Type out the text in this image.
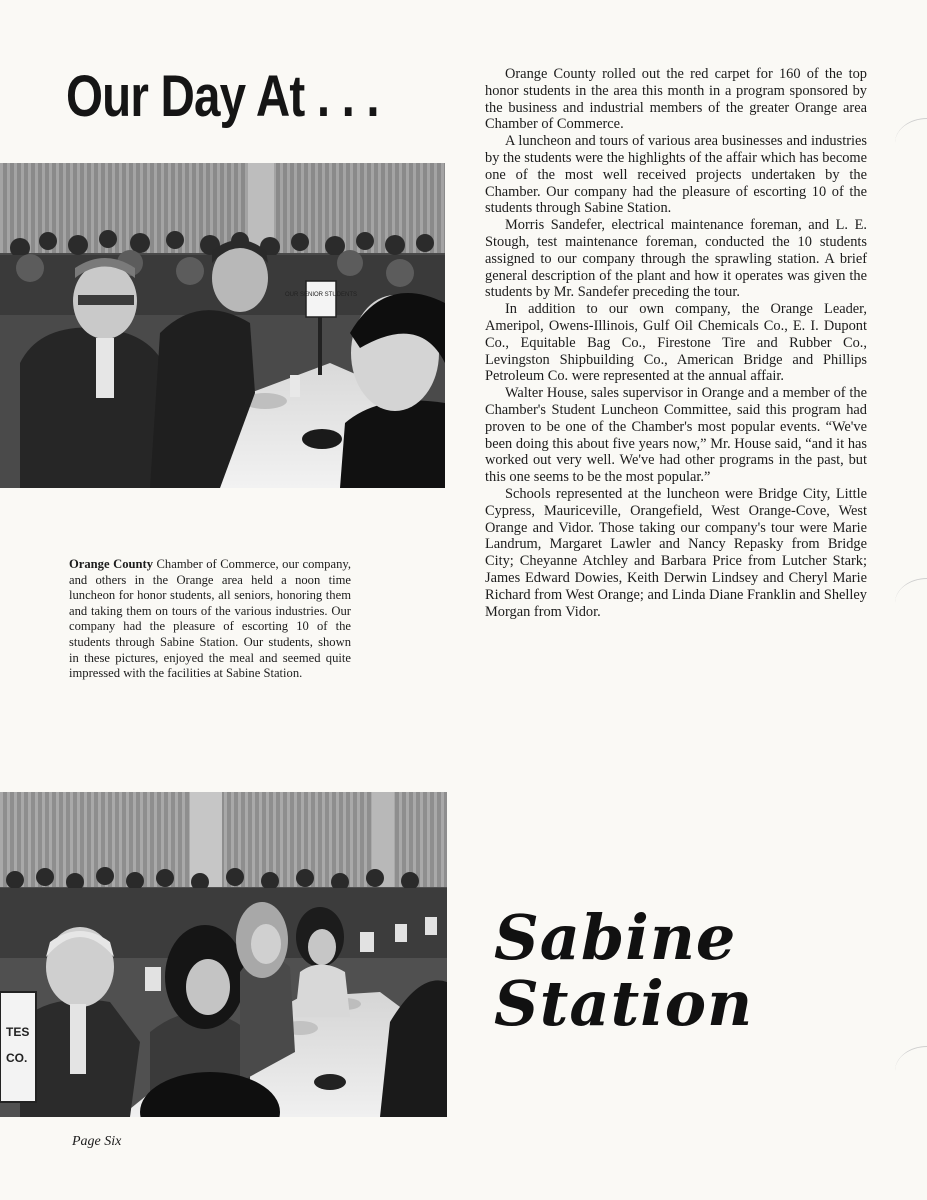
Our Day At . . .
OUR SENIOR STUDENTS
Orange County Chamber of Commerce, our company, and others in the Orange area held a noon time luncheon for honor students, all seniors, honoring them and taking them on tours of the various industries. Our company had the pleasure of escorting 10 of the students through Sabine Station. Our students, shown in these pictures, enjoyed the meal and seemed quite impressed with the facilities at Sabine Station.
TES
CO.

Orange County rolled out the red carpet for 160 of the top honor students in the area this month in a program sponsored by the business and industrial members of the greater Orange area Chamber of Commerce.

A luncheon and tours of various area businesses and industries by the students were the highlights of the affair which has become one of the most well received projects undertaken by the Chamber. Our company had the pleasure of escorting 10 of the students through Sabine Station.

Morris Sandefer, electrical maintenance foreman, and L. E. Stough, test maintenance foreman, conducted the 10 students assigned to our company through the sprawling station. A brief general description of the plant and how it operates was given the students by Mr. Sandefer preceding the tour.

In addition to our own company, the Orange Leader, Ameripol, Owens-Illinois, Gulf Oil Chemicals Co., E. I. Dupont Co., Equitable Bag Co., Firestone Tire and Rubber Co., Levingston Shipbuilding Co., American Bridge and Phillips Petroleum Co. were represented at the annual affair.

Walter House, sales supervisor in Orange and a member of the Chamber's Student Luncheon Committee, said this program had proven to be one of the Chamber's most popular events. “We've been doing this about five years now,” Mr. House said, “and it has worked out very well. We've had other programs in the past, but this one seems to be the most popular.”

Schools represented at the luncheon were Bridge City, Little Cypress, Mauriceville, Orangefield, West Orange-Cove, West Orange and Vidor. Those taking our company's tour were Marie Landrum, Margaret Lawler and Nancy Repasky from Bridge City; Cheyanne Atchley and Barbara Price from Lutcher Stark; James Edward Dowies, Keith Derwin Lindsey and Cheryl Marie Richard from West Orange; and Linda Diane Franklin and Shelley Morgan from Vidor.

Sabine
Station
Page Six
